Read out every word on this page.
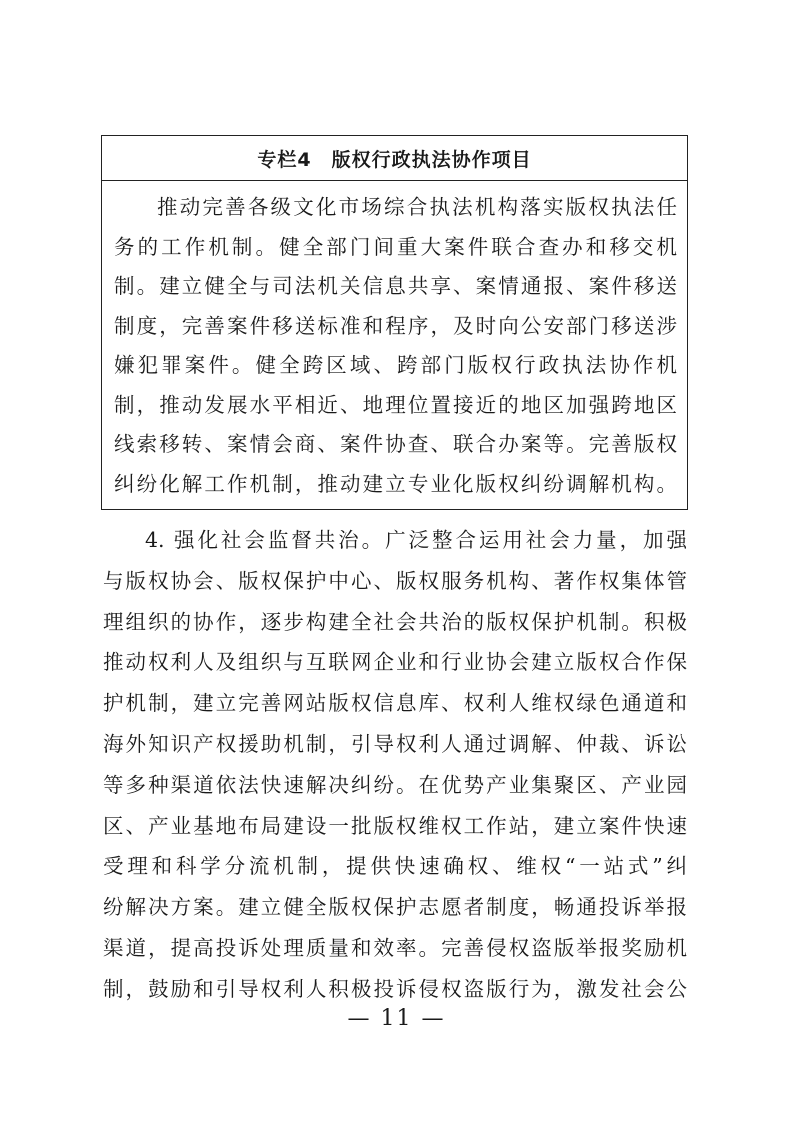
专栏4　版权行政执法协作项目
推动完善各级文化市场综合执法机构落实版权执法任
务的工作机制。健全部门间重大案件联合查办和移交机
制。建立健全与司法机关信息共享、案情通报、案件移送
制度，完善案件移送标准和程序，及时向公安部门移送涉
嫌犯罪案件。健全跨区域、跨部门版权行政执法协作机
制，推动发展水平相近、地理位置接近的地区加强跨地区
线索移转、案情会商、案件协查、联合办案等。完善版权
纠纷化解工作机制，推动建立专业化版权纠纷调解机构。
4. 强化社会监督共治。广泛整合运用社会力量，加强
与版权协会、版权保护中心、版权服务机构、著作权集体管
理组织的协作，逐步构建全社会共治的版权保护机制。积极
推动权利人及组织与互联网企业和行业协会建立版权合作保
护机制，建立完善网站版权信息库、权利人维权绿色通道和
海外知识产权援助机制，引导权利人通过调解、仲裁、诉讼
等多种渠道依法快速解决纠纷。在优势产业集聚区、产业园
区、产业基地布局建设一批版权维权工作站，建立案件快速
受理和科学分流机制，提供快速确权、维权“一站式”纠
纷解决方案。建立健全版权保护志愿者制度，畅通投诉举报
渠道，提高投诉处理质量和效率。完善侵权盗版举报奖励机
制，鼓励和引导权利人积极投诉侵权盗版行为，激发社会公
— 11 —
